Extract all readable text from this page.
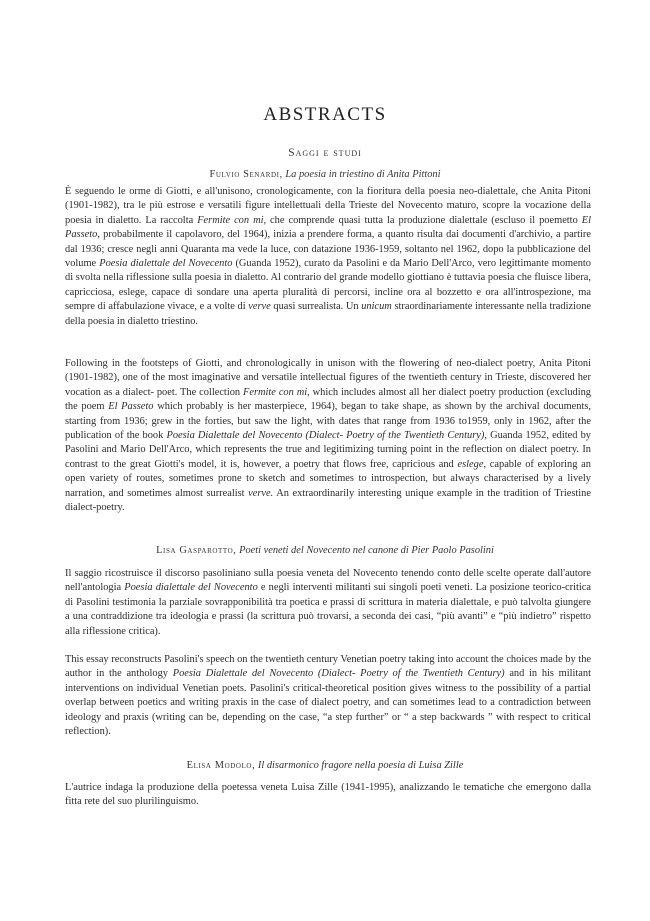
ABSTRACTS
Saggi e studi
Fulvio Senardi, La poesia in triestino di Anita Pittoni

È seguendo le orme di Giotti, e all'unisono, cronologicamente, con la fioritura della poesia neo-dialettale, che Anita Pitoni (1901-1982), tra le più estrose e versatili figure intellettuali della Trieste del Novecento maturo, scopre la vocazione della poesia in dialetto. La raccolta Fermite con mi, che comprende quasi tutta la produzione dialettale (escluso il poemetto El Passeto, probabilmente il capolavoro, del 1964), inizia a prendere forma, a quanto risulta dai documenti d'archivio, a partire dal 1936; cresce negli anni Quaranta ma vede la luce, con datazione 1936-1959, soltanto nel 1962, dopo la pubblicazione del volume Poesia dialettale del Novecento (Guanda 1952), curato da Pasolini e da Mario Dell'Arco, vero legittimante momento di svolta nella riflessione sulla poesia in dialetto. Al contrario del grande modello giottiano è tuttavia poesia che fluisce libera, capricciosa, eslege, capace di sondare una aperta pluralità di percorsi, incline ora al bozzetto e ora all'introspezione, ma sempre di affabulazione vivace, e a volte di verve quasi surrealista. Un unicum straordinariamente interessante nella tradizione della poesia in dialetto triestino.

Following in the footsteps of Giotti, and chronologically in unison with the flowering of neo-dialect poetry, Anita Pitoni (1901-1982), one of the most imaginative and versatile intellectual figures of the twentieth century in Trieste, discovered her vocation as a dialect- poet. The collection Fermite con mi, which includes almost all her dialect poetry production (excluding the poem El Passeto which probably is her masterpiece, 1964), began to take shape, as shown by the archival documents, starting from 1936; grew in the forties, but saw the light, with dates that range from 1936 to1959, only in 1962, after the publication of the book Poesia Dialettale del Novecento (Dialect- Poetry of the Twentieth Century), Guanda 1952, edited by Pasolini and Mario Dell'Arco, which represents the true and legitimizing turning point in the reflection on dialect poetry. In contrast to the great Giotti's model, it is, however, a poetry that flows free, capricious and eslege, capable of exploring an open variety of routes, sometimes prone to sketch and sometimes to introspection, but always characterised by a lively narration, and sometimes almost surrealist verve. An extraordinarily interesting unique example in the tradition of Triestine dialect-poetry.

Lisa Gasparotto, Poeti veneti del Novecento nel canone di Pier Paolo Pasolini

Il saggio ricostruisce il discorso pasoliniano sulla poesia veneta del Novecento tenendo conto delle scelte operate dall'autore nell'antologia Poesia dialettale del Novecento e negli interventi militanti sui singoli poeti veneti. La posizione teorico-critica di Pasolini testimonia la parziale sovrapponibilità tra poetica e prassi di scrittura in materia dialettale, e può talvolta giungere a una contraddizione tra ideologia e prassi (la scrittura può trovarsi, a seconda dei casi, “più avanti” e “più indietro” rispetto alla riflessione critica).

This essay reconstructs Pasolini's speech on the twentieth century Venetian poetry taking into account the choices made by the author in the anthology Poesia Dialettale del Novecento (Dialect- Poetry of the Twentieth Century) and in his militant interventions on individual Venetian poets. Pasolini's critical-theoretical position gives witness to the possibility of a partial overlap between poetics and writing praxis in the case of dialect poetry, and can sometimes lead to a contradiction between ideology and praxis (writing can be, depending on the case, “a step further” or “ a step backwards ” with respect to critical reflection).

Elisa Modolo, Il disarmonico fragore nella poesia di Luisa Zille

L'autrice indaga la produzione della poetessa veneta Luisa Zille (1941-1995), analizzando le tematiche che emergono dalla fitta rete del suo plurilinguismo.
